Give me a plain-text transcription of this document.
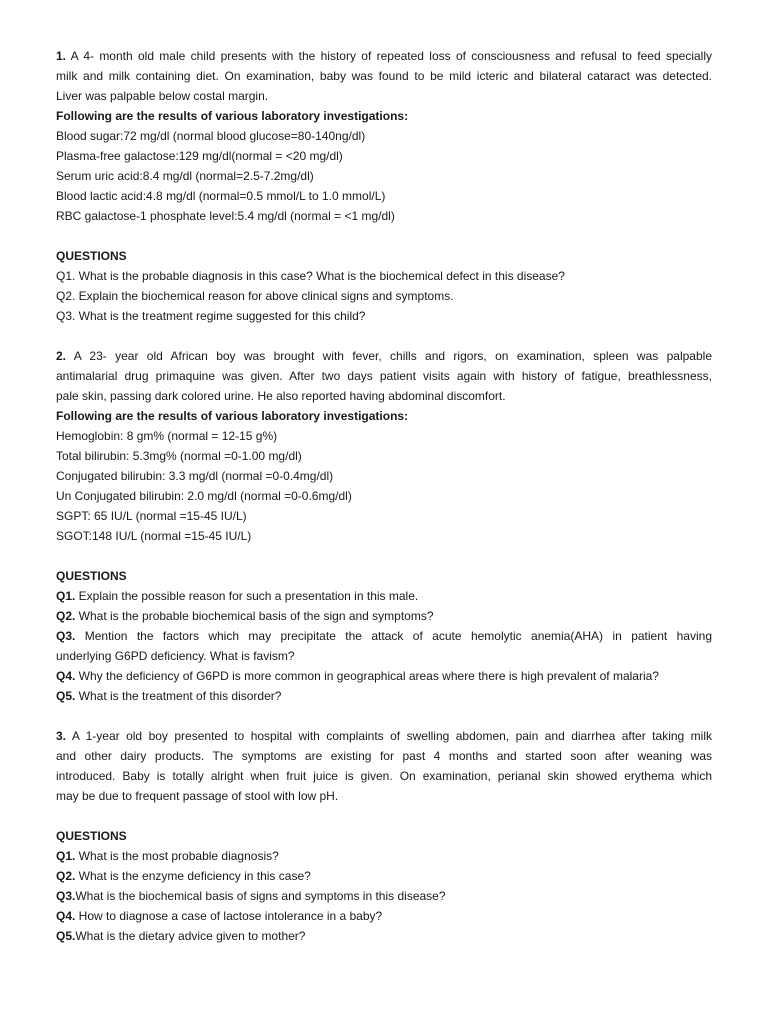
1. A 4- month old male child presents with the history of repeated loss of consciousness and refusal to feed specially
milk and milk containing diet. On examination, baby was found to be mild icteric and bilateral cataract was detected.
Liver was palpable below costal margin.
Following are the results of various laboratory investigations:
Blood sugar:72 mg/dl (normal blood glucose=80-140ng/dl)
Plasma-free galactose:129 mg/dl(normal = <20 mg/dl)
Serum uric acid:8.4 mg/dl (normal=2.5-7.2mg/dl)
Blood lactic acid:4.8 mg/dl (normal=0.5 mmol/L to 1.0 mmol/L)
RBC galactose-1 phosphate level:5.4 mg/dl (normal = <1 mg/dl)
QUESTIONS
Q1. What is the probable diagnosis in this case? What is the biochemical defect in this disease?
Q2. Explain the biochemical reason for above clinical signs and symptoms.
Q3. What is the treatment regime suggested for this child?
2. A 23- year old African boy was brought with fever, chills and rigors, on examination, spleen was palpable
antimalarial drug primaquine was given. After two days patient visits again with history of fatigue, breathlessness,
pale skin, passing dark colored urine. He also reported having abdominal discomfort.
Following are the results of various laboratory investigations:
Hemoglobin: 8 gm% (normal = 12-15 g%)
Total bilirubin: 5.3mg% (normal =0-1.00 mg/dl)
Conjugated bilirubin: 3.3 mg/dl (normal =0-0.4mg/dl)
Un Conjugated bilirubin: 2.0 mg/dl (normal =0-0.6mg/dl)
SGPT: 65 IU/L (normal =15-45 IU/L)
SGOT:148 IU/L (normal =15-45 IU/L)
QUESTIONS
Q1. Explain the possible reason for such a presentation in this male.
Q2. What is the probable biochemical basis of the sign and symptoms?
Q3. Mention the factors which may precipitate the attack of acute hemolytic anemia(AHA) in patient having
underlying G6PD deficiency. What is favism?
Q4. Why the deficiency of G6PD is more common in geographical areas where there is high prevalent of malaria?
Q5. What is the treatment of this disorder?
3. A 1-year old boy presented to hospital with complaints of swelling abdomen, pain and diarrhea after taking milk
and other dairy products. The symptoms are existing for past 4 months and started soon after weaning was
introduced. Baby is totally alright when fruit juice is given. On examination, perianal skin showed erythema which
may be due to frequent passage of stool with low pH.
QUESTIONS
Q1. What is the most probable diagnosis?
Q2. What is the enzyme deficiency in this case?
Q3.What is the biochemical basis of signs and symptoms in this disease?
Q4. How to diagnose a case of lactose intolerance in a baby?
Q5.What is the dietary advice given to mother?
